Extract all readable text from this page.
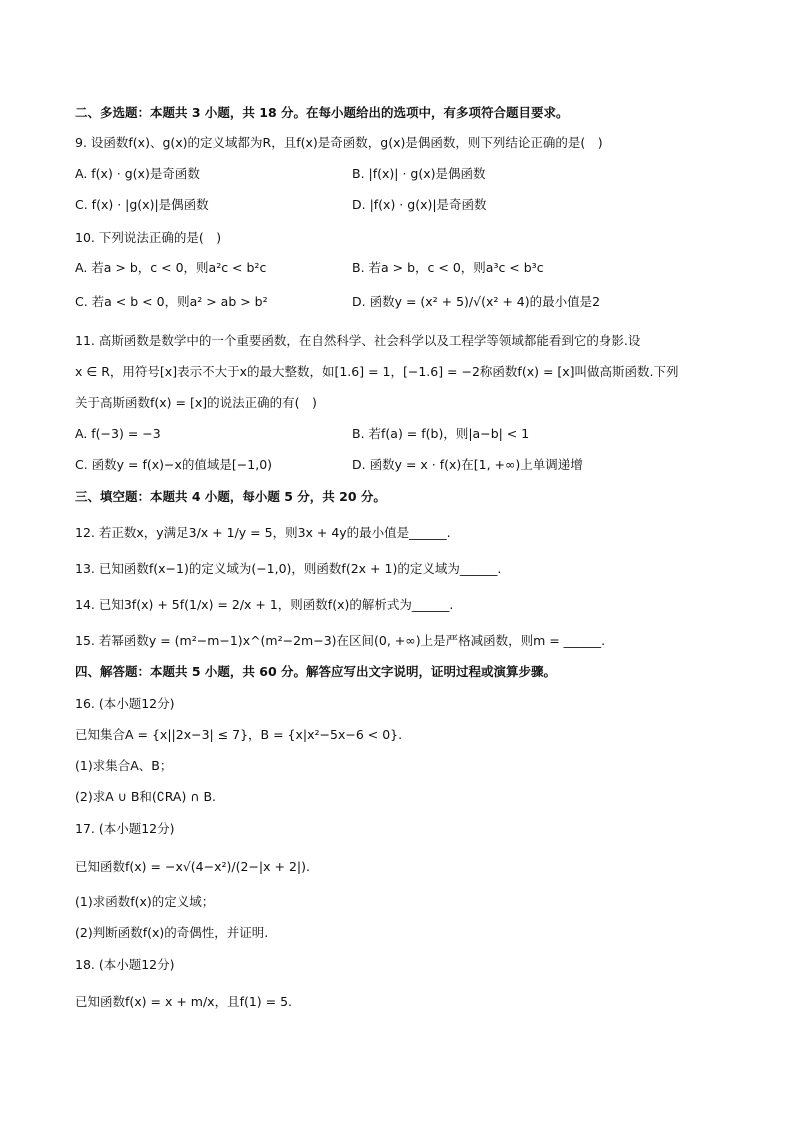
二、多选题：本题共 3 小题，共 18 分。在每小题给出的选项中，有多项符合题目要求。
9. 设函数f(x)、g(x)的定义域都为R，且f(x)是奇函数，g(x)是偶函数，则下列结论正确的是(　)
A. f(x) · g(x)是奇函数	B. |f(x)| · g(x)是偶函数
C. f(x) · |g(x)|是偶函数	D. |f(x) · g(x)|是奇函数
10. 下列说法正确的是(　)
A. 若a > b，c < 0，则a²c < b²c	B. 若a > b，c < 0，则a³c < b³c
C. 若a < b < 0，则a² > ab > b²	D. 函数y = (x² + 5)/√(x² + 4)的最小值是2
11. 高斯函数是数学中的一个重要函数，在自然科学、社会科学以及工程学等领域都能看到它的身影.设
x ∈ R，用符号[x]表示不大于x的最大整数，如[1.6] = 1，[−1.6] = −2称函数f(x) = [x]叫做高斯函数.下列
关于高斯函数f(x) = [x]的说法正确的有(　)
A. f(−3) = −3	B. 若f(a) = f(b)，则|a−b| < 1
C. 函数y = f(x)−x的值域是[−1,0)	D. 函数y = x · f(x)在[1, +∞)上单调递增
三、填空题：本题共 4 小题，每小题 5 分，共 20 分。
12. 若正数x，y满足3/x + 1/y = 5，则3x + 4y的最小值是______.
13. 已知函数f(x−1)的定义域为(−1,0)，则函数f(2x + 1)的定义域为______.
14. 已知3f(x) + 5f(1/x) = 2/x + 1，则函数f(x)的解析式为______.
15. 若幂函数y = (m²−m−1)x^(m²−2m−3)在区间(0, +∞)上是严格减函数，则m = ______.
四、解答题：本题共 5 小题，共 60 分。解答应写出文字说明，证明过程或演算步骤。
16. (本小题12分)
已知集合A = {x||2x−3| ≤ 7}，B = {x|x²−5x−6 < 0}.
(1)求集合A、B；
(2)求A ∪ B和(∁RA) ∩ B.
17. (本小题12分)
已知函数f(x) = −x√(4−x²)/(2−|x + 2|).
(1)求函数f(x)的定义域；
(2)判断函数f(x)的奇偶性，并证明.
18. (本小题12分)
已知函数f(x) = x + m/x，且f(1) = 5.
